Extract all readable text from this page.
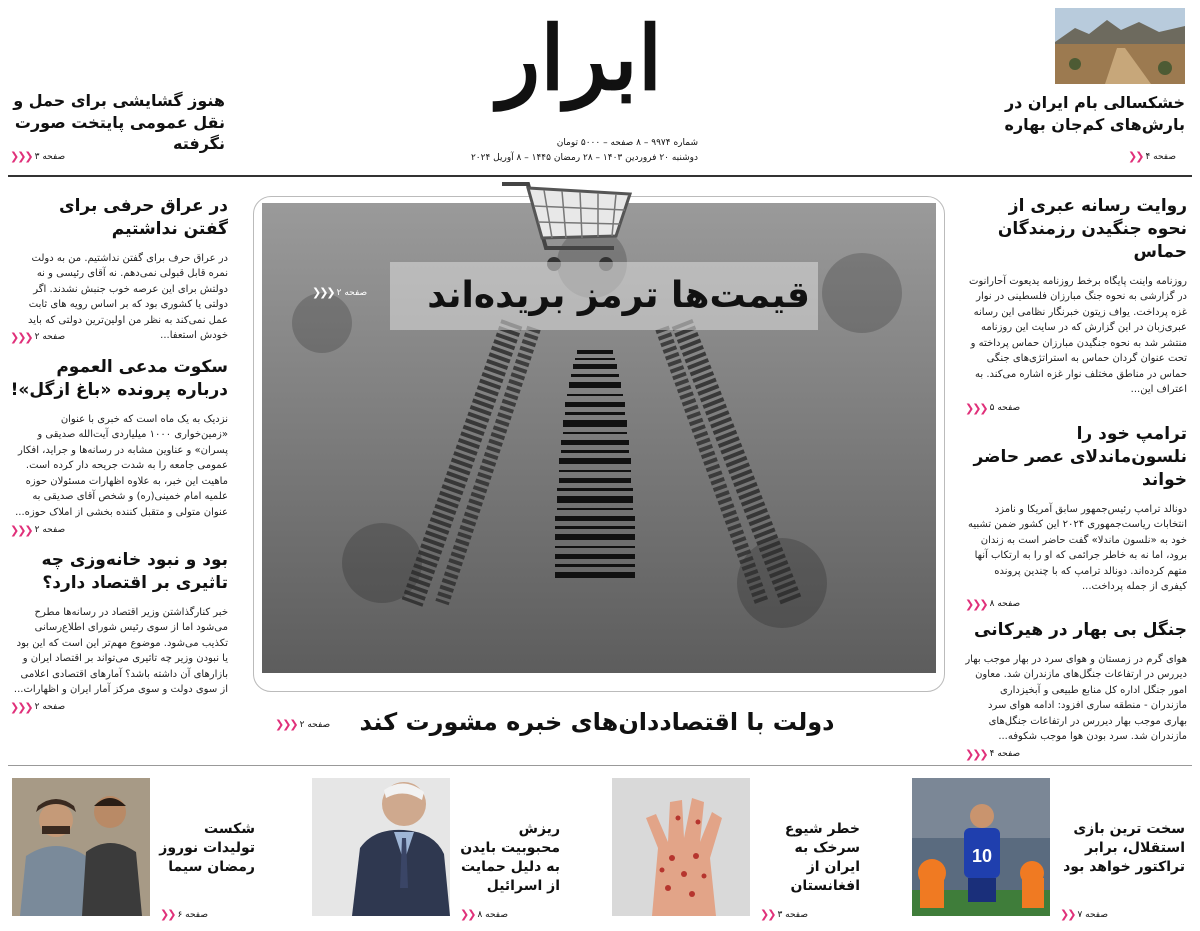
ابرار
شماره ۹۹۷۴ – ۸ صفحه – ۵۰۰۰ تومان
دوشنبه ۲۰ فروردین ۱۴۰۳ – ۲۸ رمضان ۱۴۴۵ – ۸ آوریل ۲۰۲۴
هنوز گشایشی برای حمل و نقل عمومی پایتخت صورت نگرفته
صفحه ۳
❮❮❮
خشکسالی بام ایران در بارش‌های کم‌جان بهاره
صفحه ۴
❮❮
قیمت‌ها ترمز بریده‌اند
صفحه ۲
❮❮❮
دولت با اقتصاددان‌های خبره مشورت کند
صفحه ۲
❮❮❮
در عراق حرفی برای گفتن نداشتیم
در عراق حرف برای گفتن نداشتیم. من به دولت نمره قابل قبولی نمی‌دهم. نه آقای رئیسی و نه دولتش برای این عرصه خوب جنبش نشدند. اگر دولتی یا کشوری بود که بر اساس رویه های ثابت عمل نمی‌کند به نظر من اولین‌ترین دولتی که باید خودش استعفا...
صفحه ۲
❮❮❮
سکوت مدعی العموم درباره پرونده «باغ ازگل»!
نزدیک به یک ماه است که خبری با عنوان «زمین‌خواری ۱۰۰۰ میلیاردی آیت‌الله صدیقی و پسران» و عناوین مشابه در رسانه‌ها و جراید، افکار عمومی جامعه را به شدت جریحه دار کرده است. ماهیت این خبر، به علاوه اظهارات مسئولان حوزه علمیه امام خمینی(ره) و شخص آقای صدیقی به عنوان متولی و متقبل کننده بخشی از املاک حوزه...
صفحه ۲
❮❮❮
بود و نبود خانه‌وزی چه تاثیری بر اقتصاد دارد؟
خبر کنارگذاشتن وزیر اقتصاد در رسانه‌ها مطرح می‌شود اما از سوی رئیس شورای اطلاع‌رسانی تکذیب می‌شود. موضوع مهم‌تر این است که این بود یا نبودن وزیر چه تاثیری می‌تواند بر اقتصاد ایران و بازارهای آن داشته باشد؟ آمارهای اقتصادی اعلامی از سوی دولت و سوی مرکز آمار ایران و اظهارات...
صفحه ۲
❮❮❮
روایت رسانه عبری از نحوه جنگیدن رزمندگان حماس
روزنامه واینت پایگاه برخط روزنامه یدیعوت آحارانوت در گزارشی به نحوه جنگ مبارزان فلسطینی در نوار غزه پرداخت. یواف زیتون خبرنگار نظامی این رسانه عبری‌زبان در این گزارش که در سایت این روزنامه منتشر شد به نحوه جنگیدن مبارزان حماس پرداخته و تحت عنوان گردان حماس به استراتژی‌های جنگی حماس در مناطق مختلف نوار غزه اشاره می‌کند. به اعتراف این...
صفحه ۵
❮❮❮
ترامپ خود را نلسون‌ماندلای عصر حاضر خواند
دونالد ترامپ رئیس‌جمهور سابق آمریکا و نامزد انتخابات ریاست‌جمهوری ۲۰۲۴ این کشور ضمن تشبیه خود به «نلسون ماندلا» گفت حاضر است به زندان برود، اما نه به خاطر جرائمی که او را به ارتکاب آنها متهم کرده‌اند. دونالد ترامپ که با چندین پرونده کیفری از جمله پرداخت...
صفحه ۸
❮❮❮
جنگل بی بهار در هیرکانی
هوای گرم در زمستان و هوای سرد در بهار موجب بهار دیررس در ارتفاعات جنگل‌های مازندران شد. معاون امور جنگل اداره کل منابع طبیعی و آبخیزداری مازندران - منطقه ساری افزود: ادامه هوای سرد بهاری موجب بهار دیررس در ارتفاعات جنگل‌های مازندران شد. سرد بودن هوا موجب شکوفه...
صفحه ۴
❮❮❮
10
سخت ترین بازی استقلال، برابر تراکتور خواهد بود
صفحه ۷
❮❮
خطر شیوع سرخک به ایران از افغانستان
صفحه ۳
❮❮
ریزش محبوبیت بایدن به دلیل حمایت از اسرائیل
صفحه ۸
❮❮
شکست تولیدات نوروز رمضان سیما
صفحه ۶
❮❮
